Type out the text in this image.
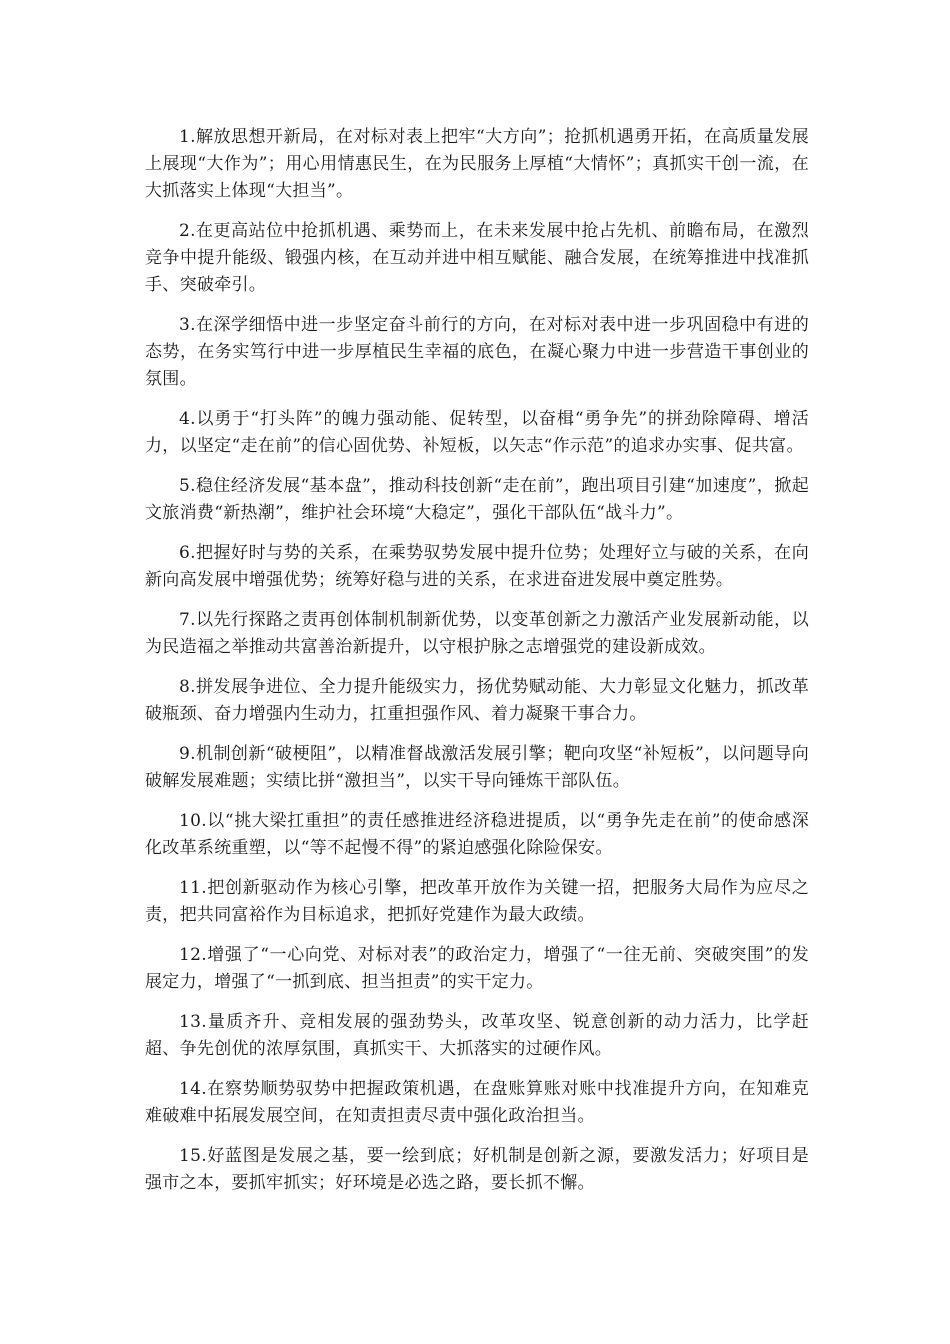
1.解放思想开新局，在对标对表上把牢“大方向”；抢抓机遇勇开拓，在高质量发展上展现“大作为”；用心用情惠民生，在为民服务上厚植“大情怀”；真抓实干创一流，在大抓落实上体现“大担当”。

2.在更高站位中抢抓机遇、乘势而上，在未来发展中抢占先机、前瞻布局，在激烈竞争中提升能级、锻强内核，在互动并进中相互赋能、融合发展，在统筹推进中找准抓手、突破牵引。

3.在深学细悟中进一步坚定奋斗前行的方向，在对标对表中进一步巩固稳中有进的态势，在务实笃行中进一步厚植民生幸福的底色，在凝心聚力中进一步营造干事创业的氛围。

4.以勇于“打头阵”的魄力强动能、促转型，以奋楫“勇争先”的拼劲除障碍、增活力，以坚定“走在前”的信心固优势、补短板，以矢志“作示范”的追求办实事、促共富。

5.稳住经济发展“基本盘”，推动科技创新“走在前”，跑出项目引建“加速度”，掀起文旅消费“新热潮”，维护社会环境“大稳定”，强化干部队伍“战斗力”。

6.把握好时与势的关系，在乘势驭势发展中提升位势；处理好立与破的关系，在向新向高发展中增强优势；统筹好稳与进的关系，在求进奋进发展中奠定胜势。

7.以先行探路之责再创体制机制新优势，以变革创新之力激活产业发展新动能，以为民造福之举推动共富善治新提升，以守根护脉之志增强党的建设新成效。

8.拼发展争进位、全力提升能级实力，扬优势赋动能、大力彰显文化魅力，抓改革破瓶颈、奋力增强内生动力，扛重担强作风、着力凝聚干事合力。

9.机制创新“破梗阻”，以精准督战激活发展引擎；靶向攻坚“补短板”，以问题导向破解发展难题；实绩比拼“激担当”，以实干导向锤炼干部队伍。

10.以“挑大梁扛重担”的责任感推进经济稳进提质，以“勇争先走在前”的使命感深化改革系统重塑，以“等不起慢不得”的紧迫感强化除险保安。

11.把创新驱动作为核心引擎，把改革开放作为关键一招，把服务大局作为应尽之责，把共同富裕作为目标追求，把抓好党建作为最大政绩。

12.增强了“一心向党、对标对表”的政治定力，增强了“一往无前、突破突围”的发展定力，增强了“一抓到底、担当担责”的实干定力。

13.量质齐升、竞相发展的强劲势头，改革攻坚、锐意创新的动力活力，比学赶超、争先创优的浓厚氛围，真抓实干、大抓落实的过硬作风。

14.在察势顺势驭势中把握政策机遇，在盘账算账对账中找准提升方向，在知难克难破难中拓展发展空间，在知责担责尽责中强化政治担当。

15.好蓝图是发展之基，要一绘到底；好机制是创新之源，要激发活力；好项目是强市之本，要抓牢抓实；好环境是必选之路，要长抓不懈。
